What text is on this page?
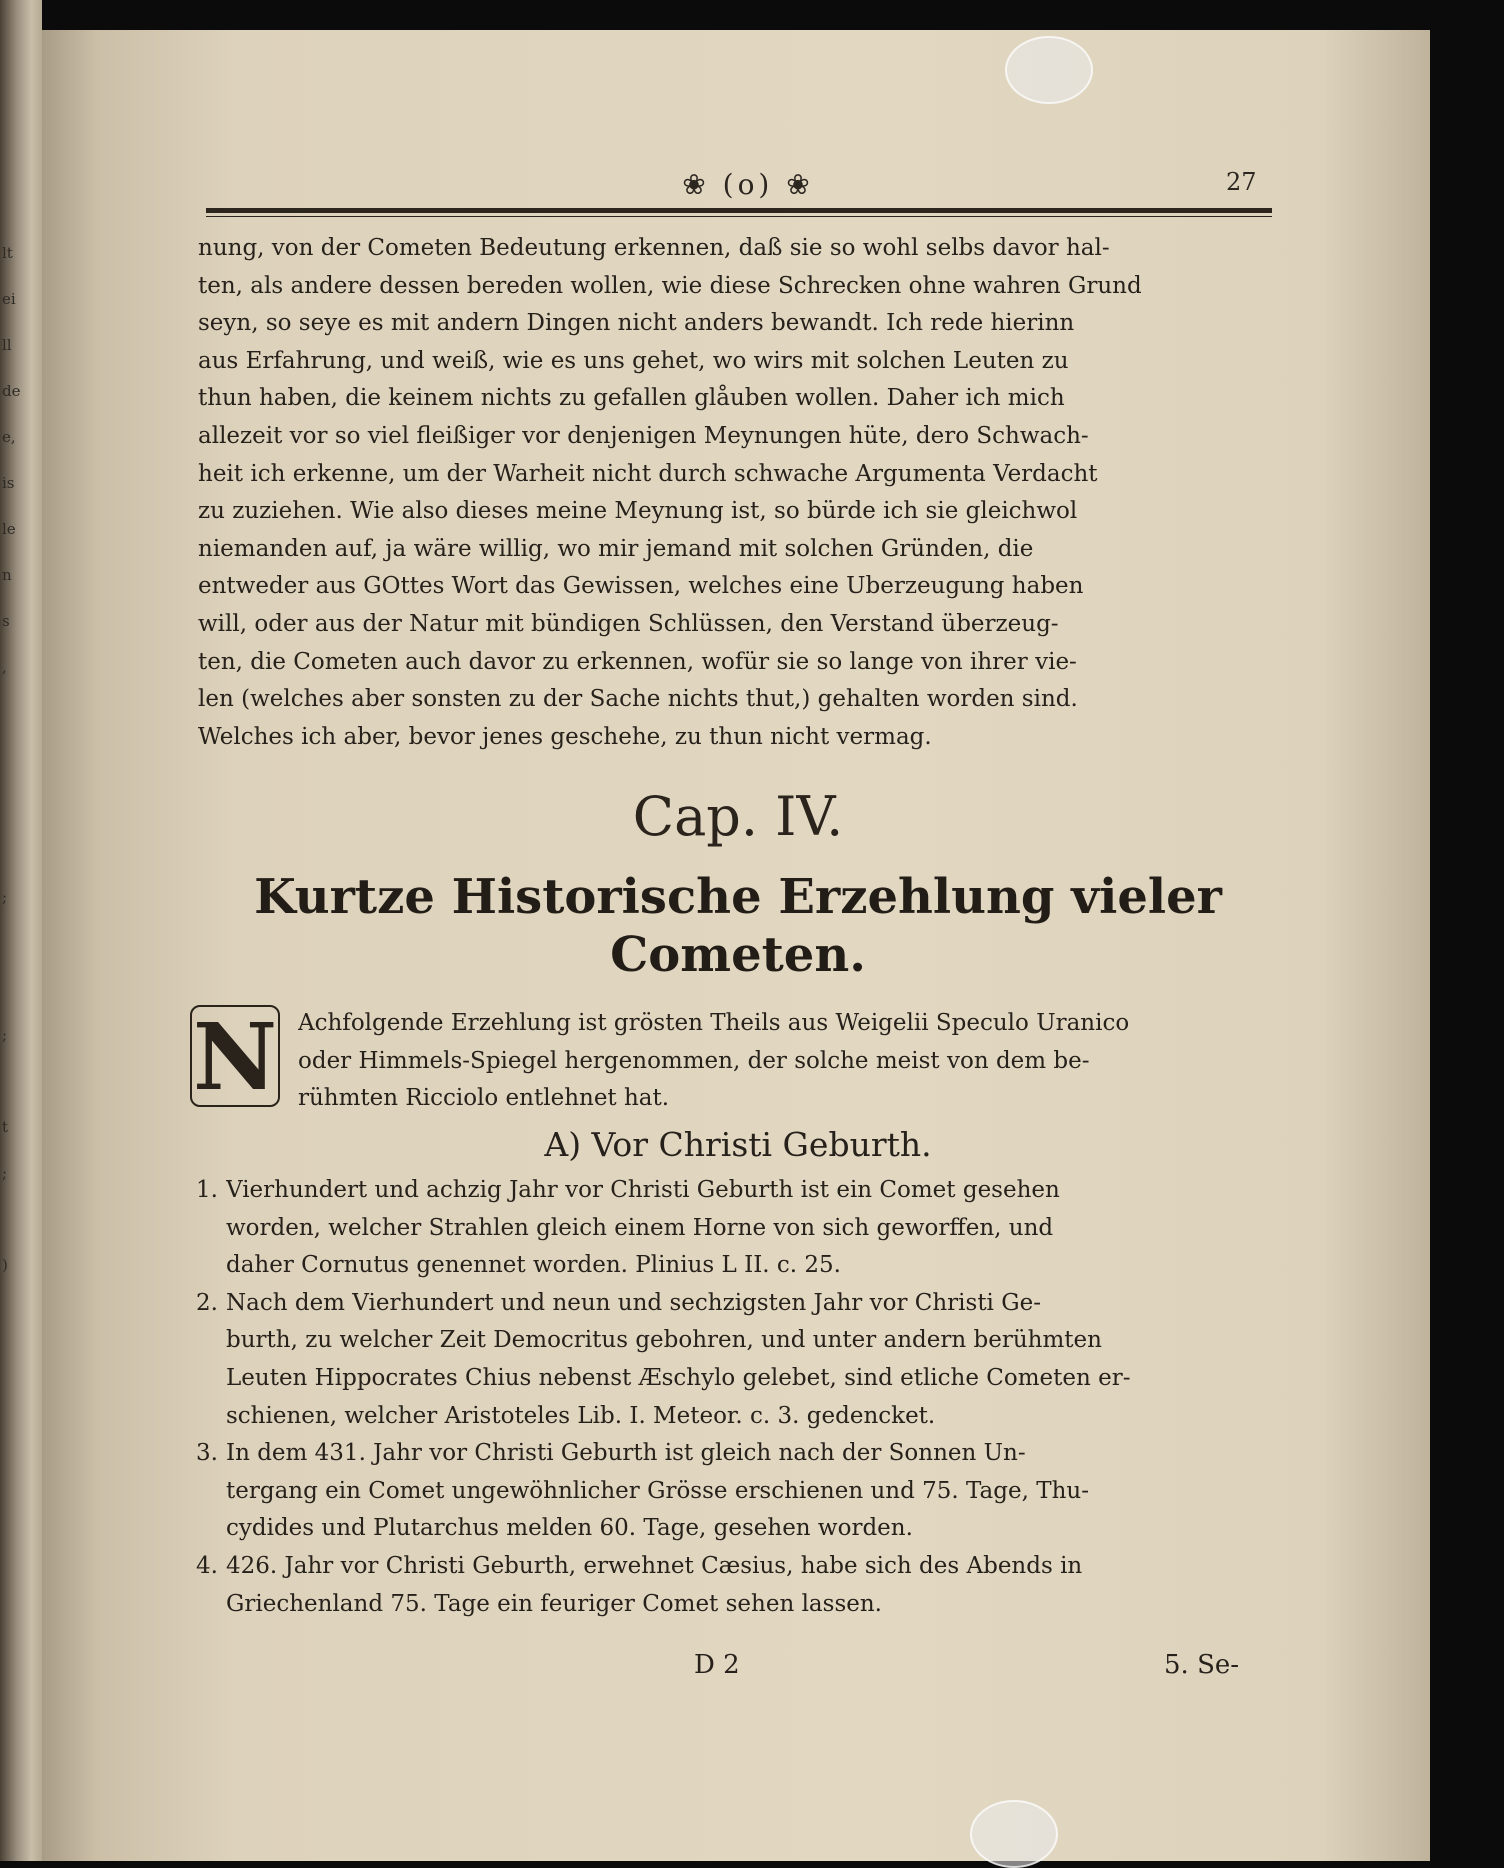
lt
ei
ll
de
e,
is
le
n
s
,
;
;
t
;
)
❀ (o) ❀	27
nung, von der Cometen Bedeutung erkennen, daß sie so wohl selbs davor hal‑
ten, als andere dessen bereden wollen, wie diese Schrecken ohne wahren Grund
seyn, so seye es mit andern Dingen nicht anders bewandt. Ich rede hierinn
aus Erfahrung, und weiß, wie es uns gehet, wo wirs mit solchen Leuten zu
thun haben, die keinem nichts zu gefallen glåuben wollen. Daher ich mich
allezeit vor so viel fleißiger vor denjenigen Meynungen hüte, dero Schwach‑
heit ich erkenne, um der Warheit nicht durch schwache Argumenta Verdacht
zu zuziehen. Wie also dieses meine Meynung ist, so bürde ich sie gleichwol
niemanden auf, ja wäre willig, wo mir jemand mit solchen Gründen, die
entweder aus GOttes Wort das Gewissen, welches eine Uberzeugung haben
will, oder aus der Natur mit bündigen Schlüssen, den Verstand überzeug‑
ten, die Cometen auch davor zu erkennen, wofür sie so lange von ihrer vie‑
len (welches aber sonsten zu der Sache nichts thut,) gehalten worden sind.
Welches ich aber, bevor jenes geschehe, zu thun nicht vermag.
Cap. IV.
Kurtze Historische Erzehlung vieler
Cometen.
N Achfolgende Erzehlung ist grösten Theils aus Weigelii Speculo Uranico
oder Himmels‑Spiegel hergenommen, der solche meist von dem be‑
rühmten Ricciolo entlehnet hat.
A) Vor Christi Geburth.
1. Vierhundert und achzig Jahr vor Christi Geburth ist ein Comet gesehen
worden, welcher Strahlen gleich einem Horne von sich geworffen, und
daher Cornutus genennet worden. Plinius L II. c. 25.
2. Nach dem Vierhundert und neun und sechzigsten Jahr vor Christi Ge‑
burth, zu welcher Zeit Democritus gebohren, und unter andern berühmten
Leuten Hippocrates Chius nebenst Æschylo gelebet, sind etliche Cometen er‑
schienen, welcher Aristoteles Lib. I. Meteor. c. 3. gedencket.
3. In dem 431. Jahr vor Christi Geburth ist gleich nach der Sonnen Un‑
tergang ein Comet ungewöhnlicher Grösse erschienen und 75. Tage, Thu‑
cydides und Plutarchus melden 60. Tage, gesehen worden.
4. 426. Jahr vor Christi Geburth, erwehnet Cæsius, habe sich des Abends in
Griechenland 75. Tage ein feuriger Comet sehen lassen.
D 2	5. Se‑
